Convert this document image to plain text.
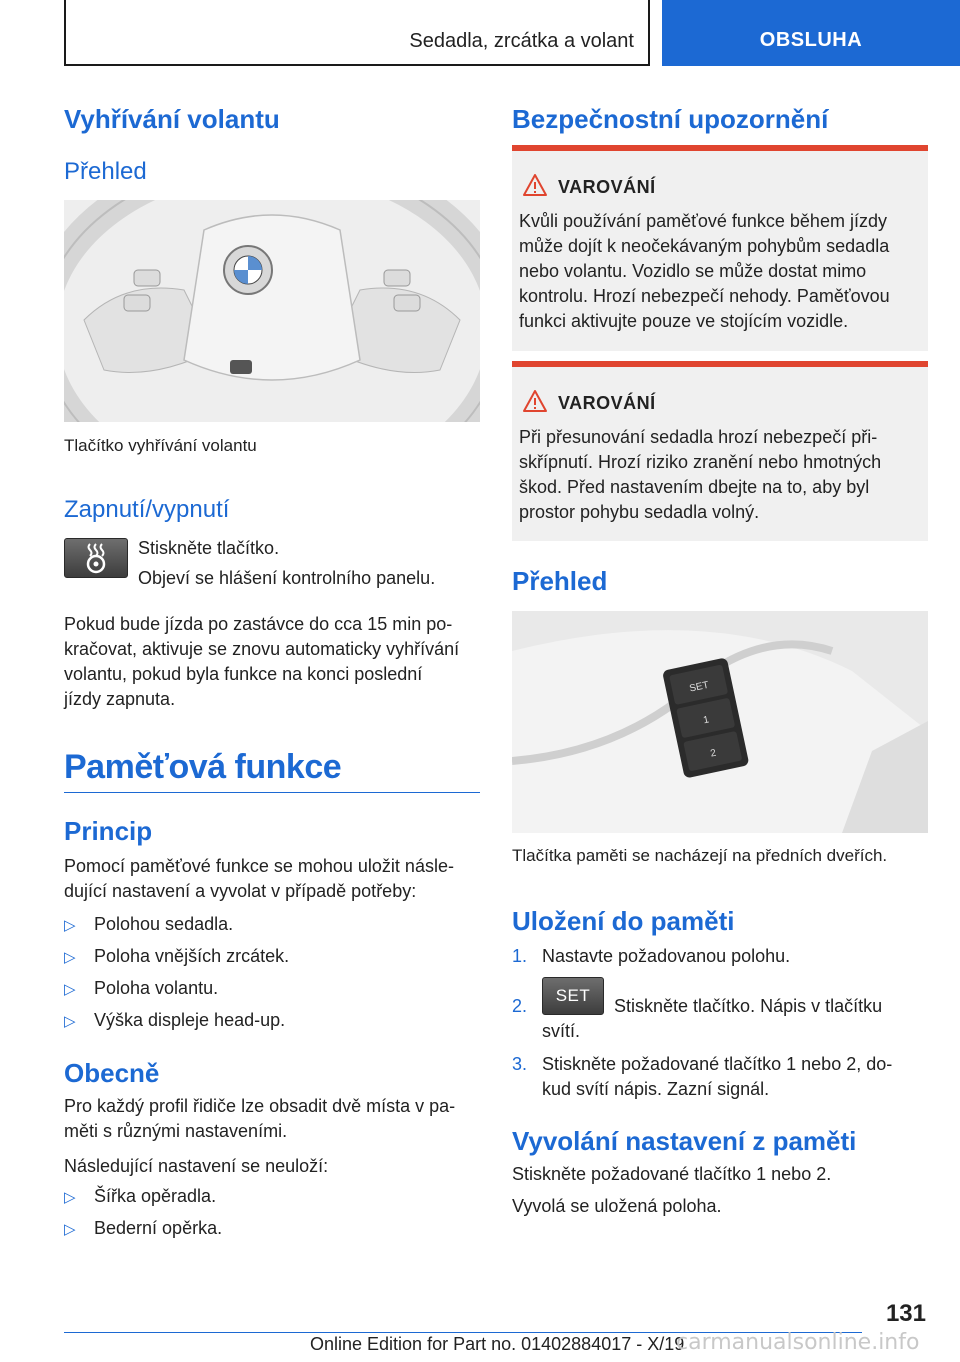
Sedadla, zrcátka a volant	OBSLUHA
Vyhřívání volantu
Přehled
Tlačítko vyhřívání volantu
Zapnutí/vypnutí
Stiskněte tlačítko.
Objeví se hlášení kontrolního panelu.
Pokud bude jízda po zastávce do cca 15 min po-
kračovat, aktivuje se znovu automaticky vyhřívání
volantu, pokud byla funkce na konci poslední
jízdy zapnuta.
Paměťová funkce
Princip
Pomocí paměťové funkce se mohou uložit násle-
dující nastavení a vyvolat v případě potřeby:
▷	Polohou sedadla.
▷	Poloha vnějších zrcátek.
▷	Poloha volantu.
▷	Výška displeje head-up.
Obecně
Pro každý profil řidiče lze obsadit dvě místa v pa-
měti s různými nastaveními.
Následující nastavení se neuloží:
▷	Šířka opěradla.
▷	Bederní opěrka.
Bezpečnostní upozornění
VAROVÁNÍ
Kvůli používání paměťové funkce během jízdy
může dojít k neočekávaným pohybům sedadla
nebo volantu. Vozidlo se může dostat mimo
kontrolu. Hrozí nebezpečí nehody. Paměťovou
funkci aktivujte pouze ve stojícím vozidle.
VAROVÁNÍ
Při přesunování sedadla hrozí nebezpečí při-
skřípnutí. Hrozí riziko zranění nebo hmotných
škod. Před nastavením dbejte na to, aby byl
prostor pohybu sedadla volný.
Přehled
SET
1
2
Tlačítka paměti se nacházejí na předních dveřích.
Uložení do paměti
1. Nastavte požadovanou polohu.
2.
SET
Stiskněte tlačítko. Nápis v tlačítku
svítí.
3. Stiskněte požadované tlačítko 1 nebo 2, do-
kud svítí nápis. Zazní signál.
Vyvolání nastavení z paměti
Stiskněte požadované tlačítko 1 nebo 2.
Vyvolá se uložená poloha.
131
Online Edition for Part no. 01402884017 - X/19
carmanualsonline.info
